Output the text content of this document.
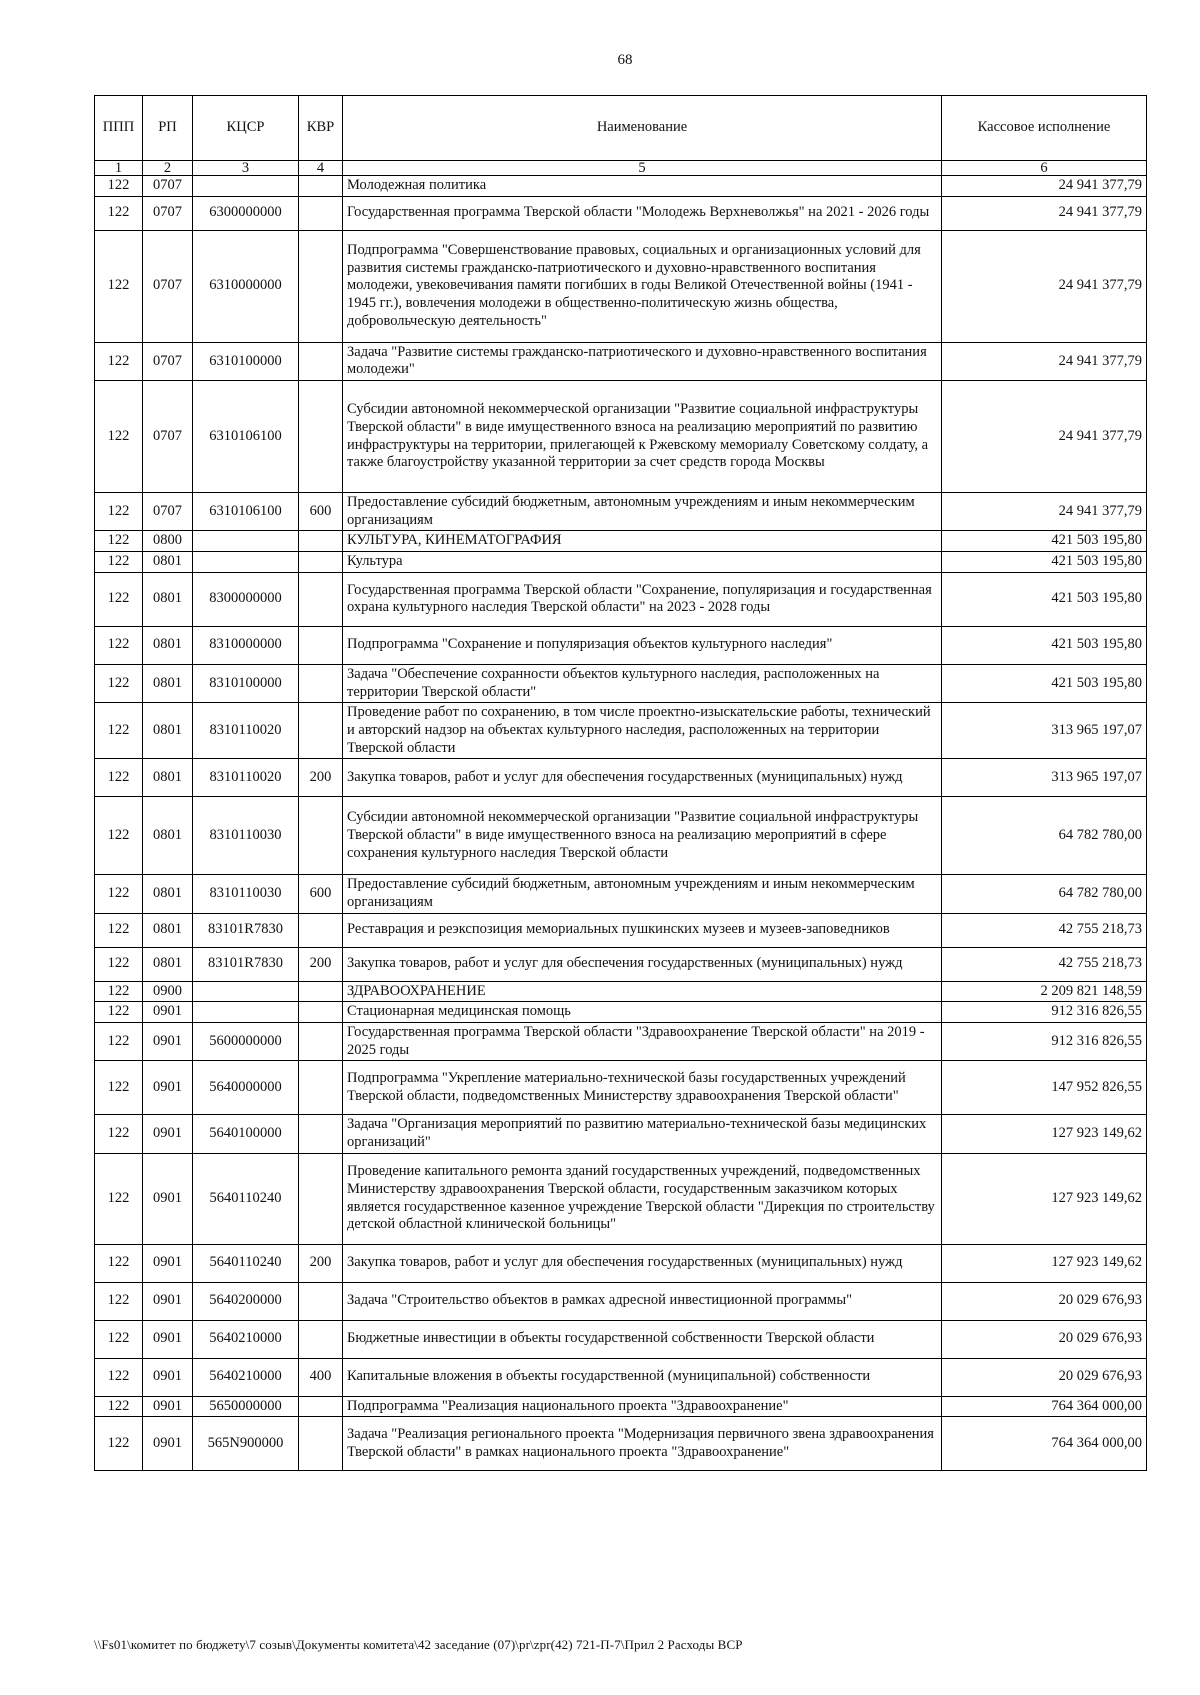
68
ППП	РП	КЦСР	КВР	Наименование	Кассовое исполнение
1	2	3	4	5	6
122	0707			Молодежная политика	24 941 377,79
122	0707	6300000000		Государственная программа Тверской области "Молодежь Верхневолжья" на 2021 - 2026 годы	24 941 377,79
122	0707	6310000000		Подпрограмма "Совершенствование правовых, социальных и организационных условий для развития системы гражданско-патриотического и духовно-нравственного воспитания молодежи, увековечивания памяти погибших в годы Великой Отечественной войны (1941 - 1945 гг.), вовлечения молодежи в общественно-политическую жизнь общества, добровольческую деятельность"	24 941 377,79
122	0707	6310100000		Задача "Развитие системы гражданско-патриотического и духовно-нравственного воспитания молодежи"	24 941 377,79
122	0707	6310106100		Субсидии автономной некоммерческой организации "Развитие социальной инфраструктуры Тверской области" в виде имущественного взноса на реализацию мероприятий по развитию инфраструктуры на территории, прилегающей к Ржевскому мемориалу Советскому солдату, а также благоустройству указанной территории за счет средств города Москвы	24 941 377,79
122	0707	6310106100	600	Предоставление субсидий бюджетным, автономным учреждениям и иным некоммерческим организациям	24 941 377,79
122	0800			КУЛЬТУРА, КИНЕМАТОГРАФИЯ	421 503 195,80
122	0801			Культура	421 503 195,80
122	0801	8300000000		Государственная программа Тверской области "Сохранение, популяризация и государственная охрана культурного наследия Тверской области" на 2023 - 2028 годы	421 503 195,80
122	0801	8310000000		Подпрограмма "Сохранение и популяризация объектов культурного наследия"	421 503 195,80
122	0801	8310100000		Задача "Обеспечение сохранности объектов культурного наследия, расположенных на территории Тверской области"	421 503 195,80
122	0801	8310110020		Проведение работ по сохранению, в том числе проектно-изыскательские работы, технический и авторский надзор на объектах культурного наследия, расположенных на территории Тверской области	313 965 197,07
122	0801	8310110020	200	Закупка товаров, работ и услуг для обеспечения государственных (муниципальных) нужд	313 965 197,07
122	0801	8310110030		Субсидии автономной некоммерческой организации "Развитие социальной инфраструктуры Тверской области" в виде имущественного взноса на реализацию мероприятий в сфере сохранения культурного наследия Тверской области	64 782 780,00
122	0801	8310110030	600	Предоставление субсидий бюджетным, автономным учреждениям и иным некоммерческим организациям	64 782 780,00
122	0801	83101R7830		Реставрация и реэкспозиция мемориальных пушкинских музеев и музеев-заповедников	42 755 218,73
122	0801	83101R7830	200	Закупка товаров, работ и услуг для обеспечения государственных (муниципальных) нужд	42 755 218,73
122	0900			ЗДРАВООХРАНЕНИЕ	2 209 821 148,59
122	0901			Стационарная медицинская помощь	912 316 826,55
122	0901	5600000000		Государственная программа Тверской области "Здравоохранение Тверской области" на 2019 - 2025 годы	912 316 826,55
122	0901	5640000000		Подпрограмма "Укрепление материально-технической базы государственных учреждений Тверской области, подведомственных Министерству здравоохранения Тверской области"	147 952 826,55
122	0901	5640100000		Задача "Организация мероприятий по развитию материально-технической базы медицинских организаций"	127 923 149,62
122	0901	5640110240		Проведение капитального ремонта зданий государственных учреждений, подведомственных Министерству здравоохранения Тверской области, государственным заказчиком которых является государственное казенное учреждение Тверской области "Дирекция по строительству детской областной клинической больницы"	127 923 149,62
122	0901	5640110240	200	Закупка товаров, работ и услуг для обеспечения государственных (муниципальных) нужд	127 923 149,62
122	0901	5640200000		Задача "Строительство объектов в рамках адресной инвестиционной программы"	20 029 676,93
122	0901	5640210000		Бюджетные инвестиции в объекты государственной собственности Тверской области	20 029 676,93
122	0901	5640210000	400	Капитальные вложения в объекты государственной (муниципальной) собственности	20 029 676,93
122	0901	5650000000		Подпрограмма "Реализация национального проекта "Здравоохранение"	764 364 000,00
122	0901	565N900000		Задача "Реализация регионального проекта "Модернизация первичного звена здравоохранения Тверской области" в рамках национального проекта "Здравоохранение"	764 364 000,00
\\Fs01\комитет по бюджету\7 созыв\Документы комитета\42 заседание (07)\pr\zpr(42) 721-П-7\Прил 2 Расходы ВСР
